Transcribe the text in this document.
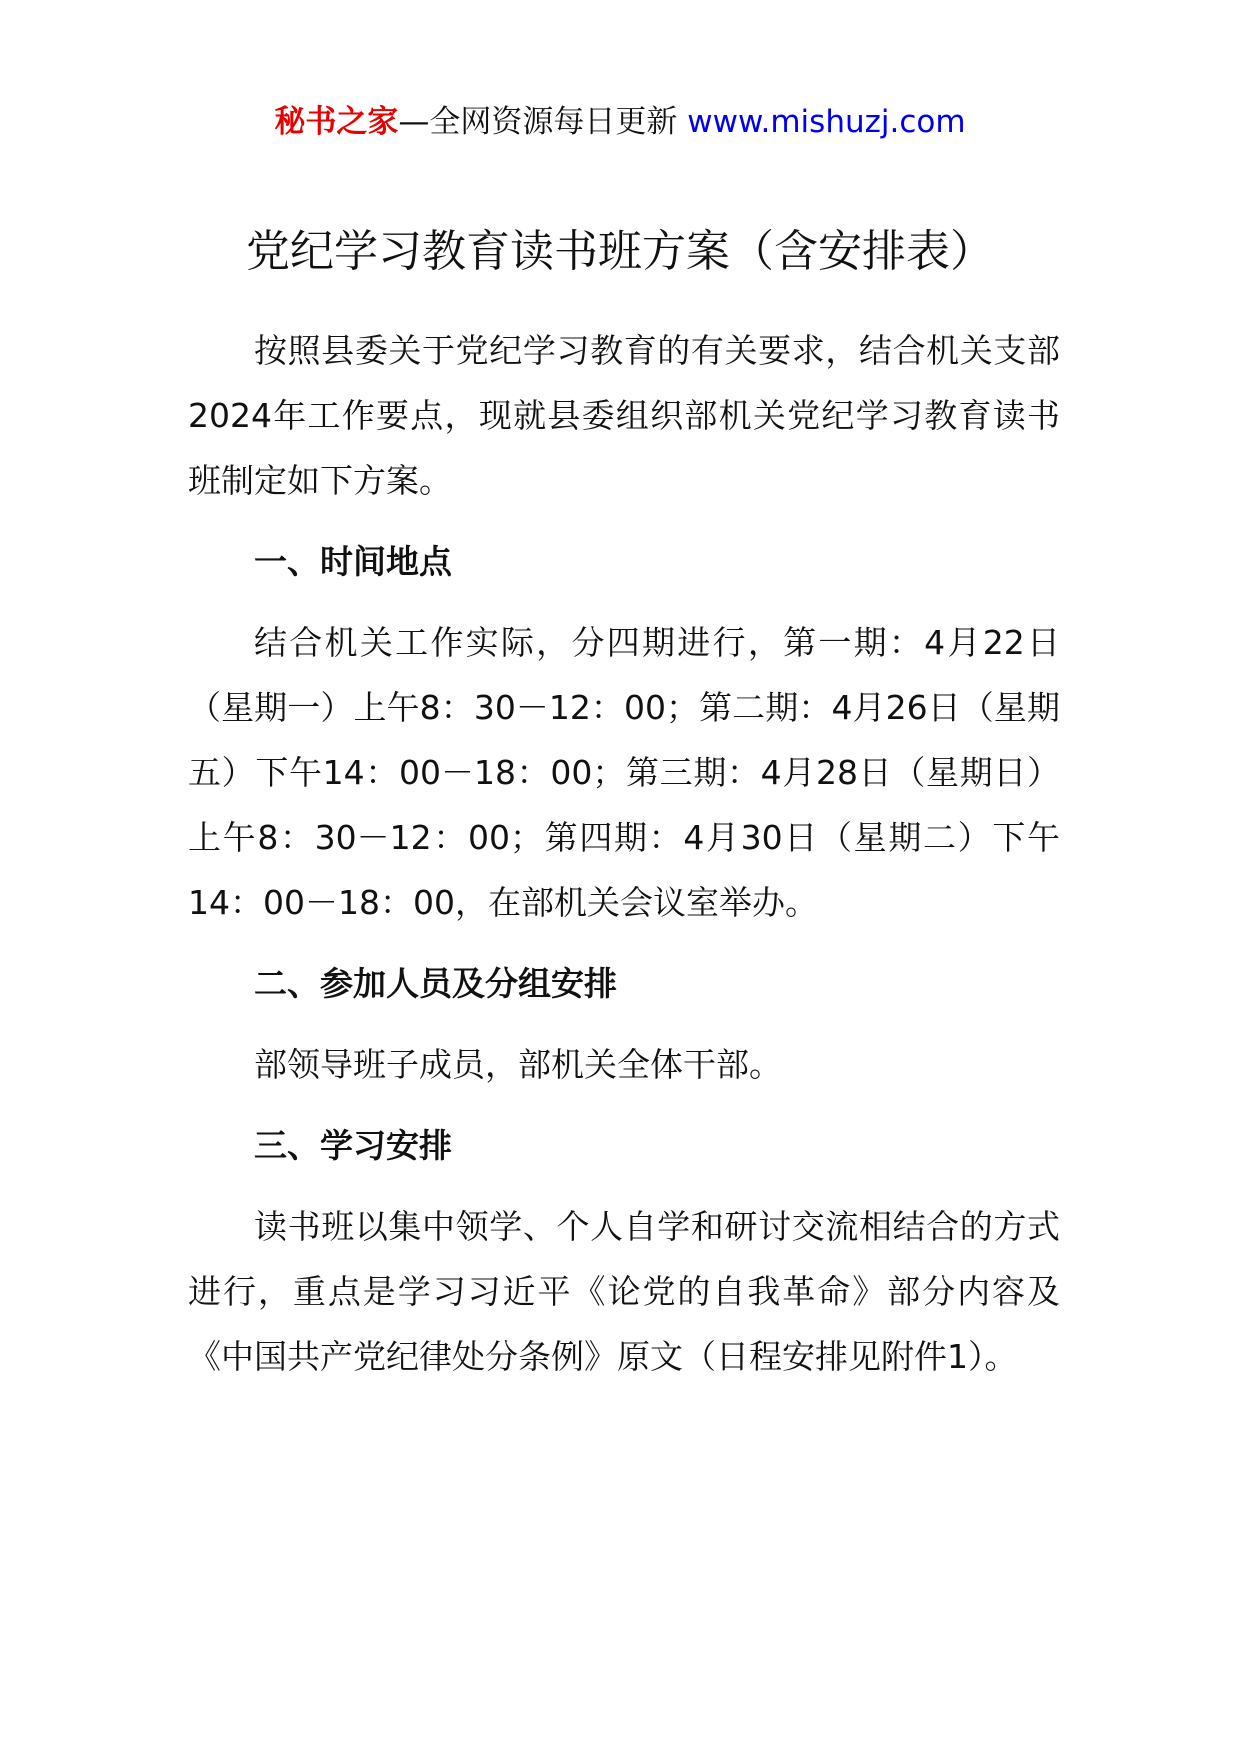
秘书之家—全网资源每日更新 www.mishuzj.com
党纪学习教育读书班方案（含安排表）

按照县委关于党纪学习教育的有关要求，结合机关支部2024年工作要点，现就县委组织部机关党纪学习教育读书班制定如下方案。

一、时间地点

结合机关工作实际，分四期进行，第一期：4月22日（星期一）上午8：30－12：00；第二期：4月26日（星期五）下午14：00－18：00；第三期：4月28日（星期日）上午8：30－12：00；第四期：4月30日（星期二）下午14：00－18：00，在部机关会议室举办。

二、参加人员及分组安排

部领导班子成员，部机关全体干部。

三、学习安排

读书班以集中领学、个人自学和研讨交流相结合的方式进行，重点是学习习近平《论党的自我革命》部分内容及《中国共产党纪律处分条例》原文（日程安排见附件1）。
